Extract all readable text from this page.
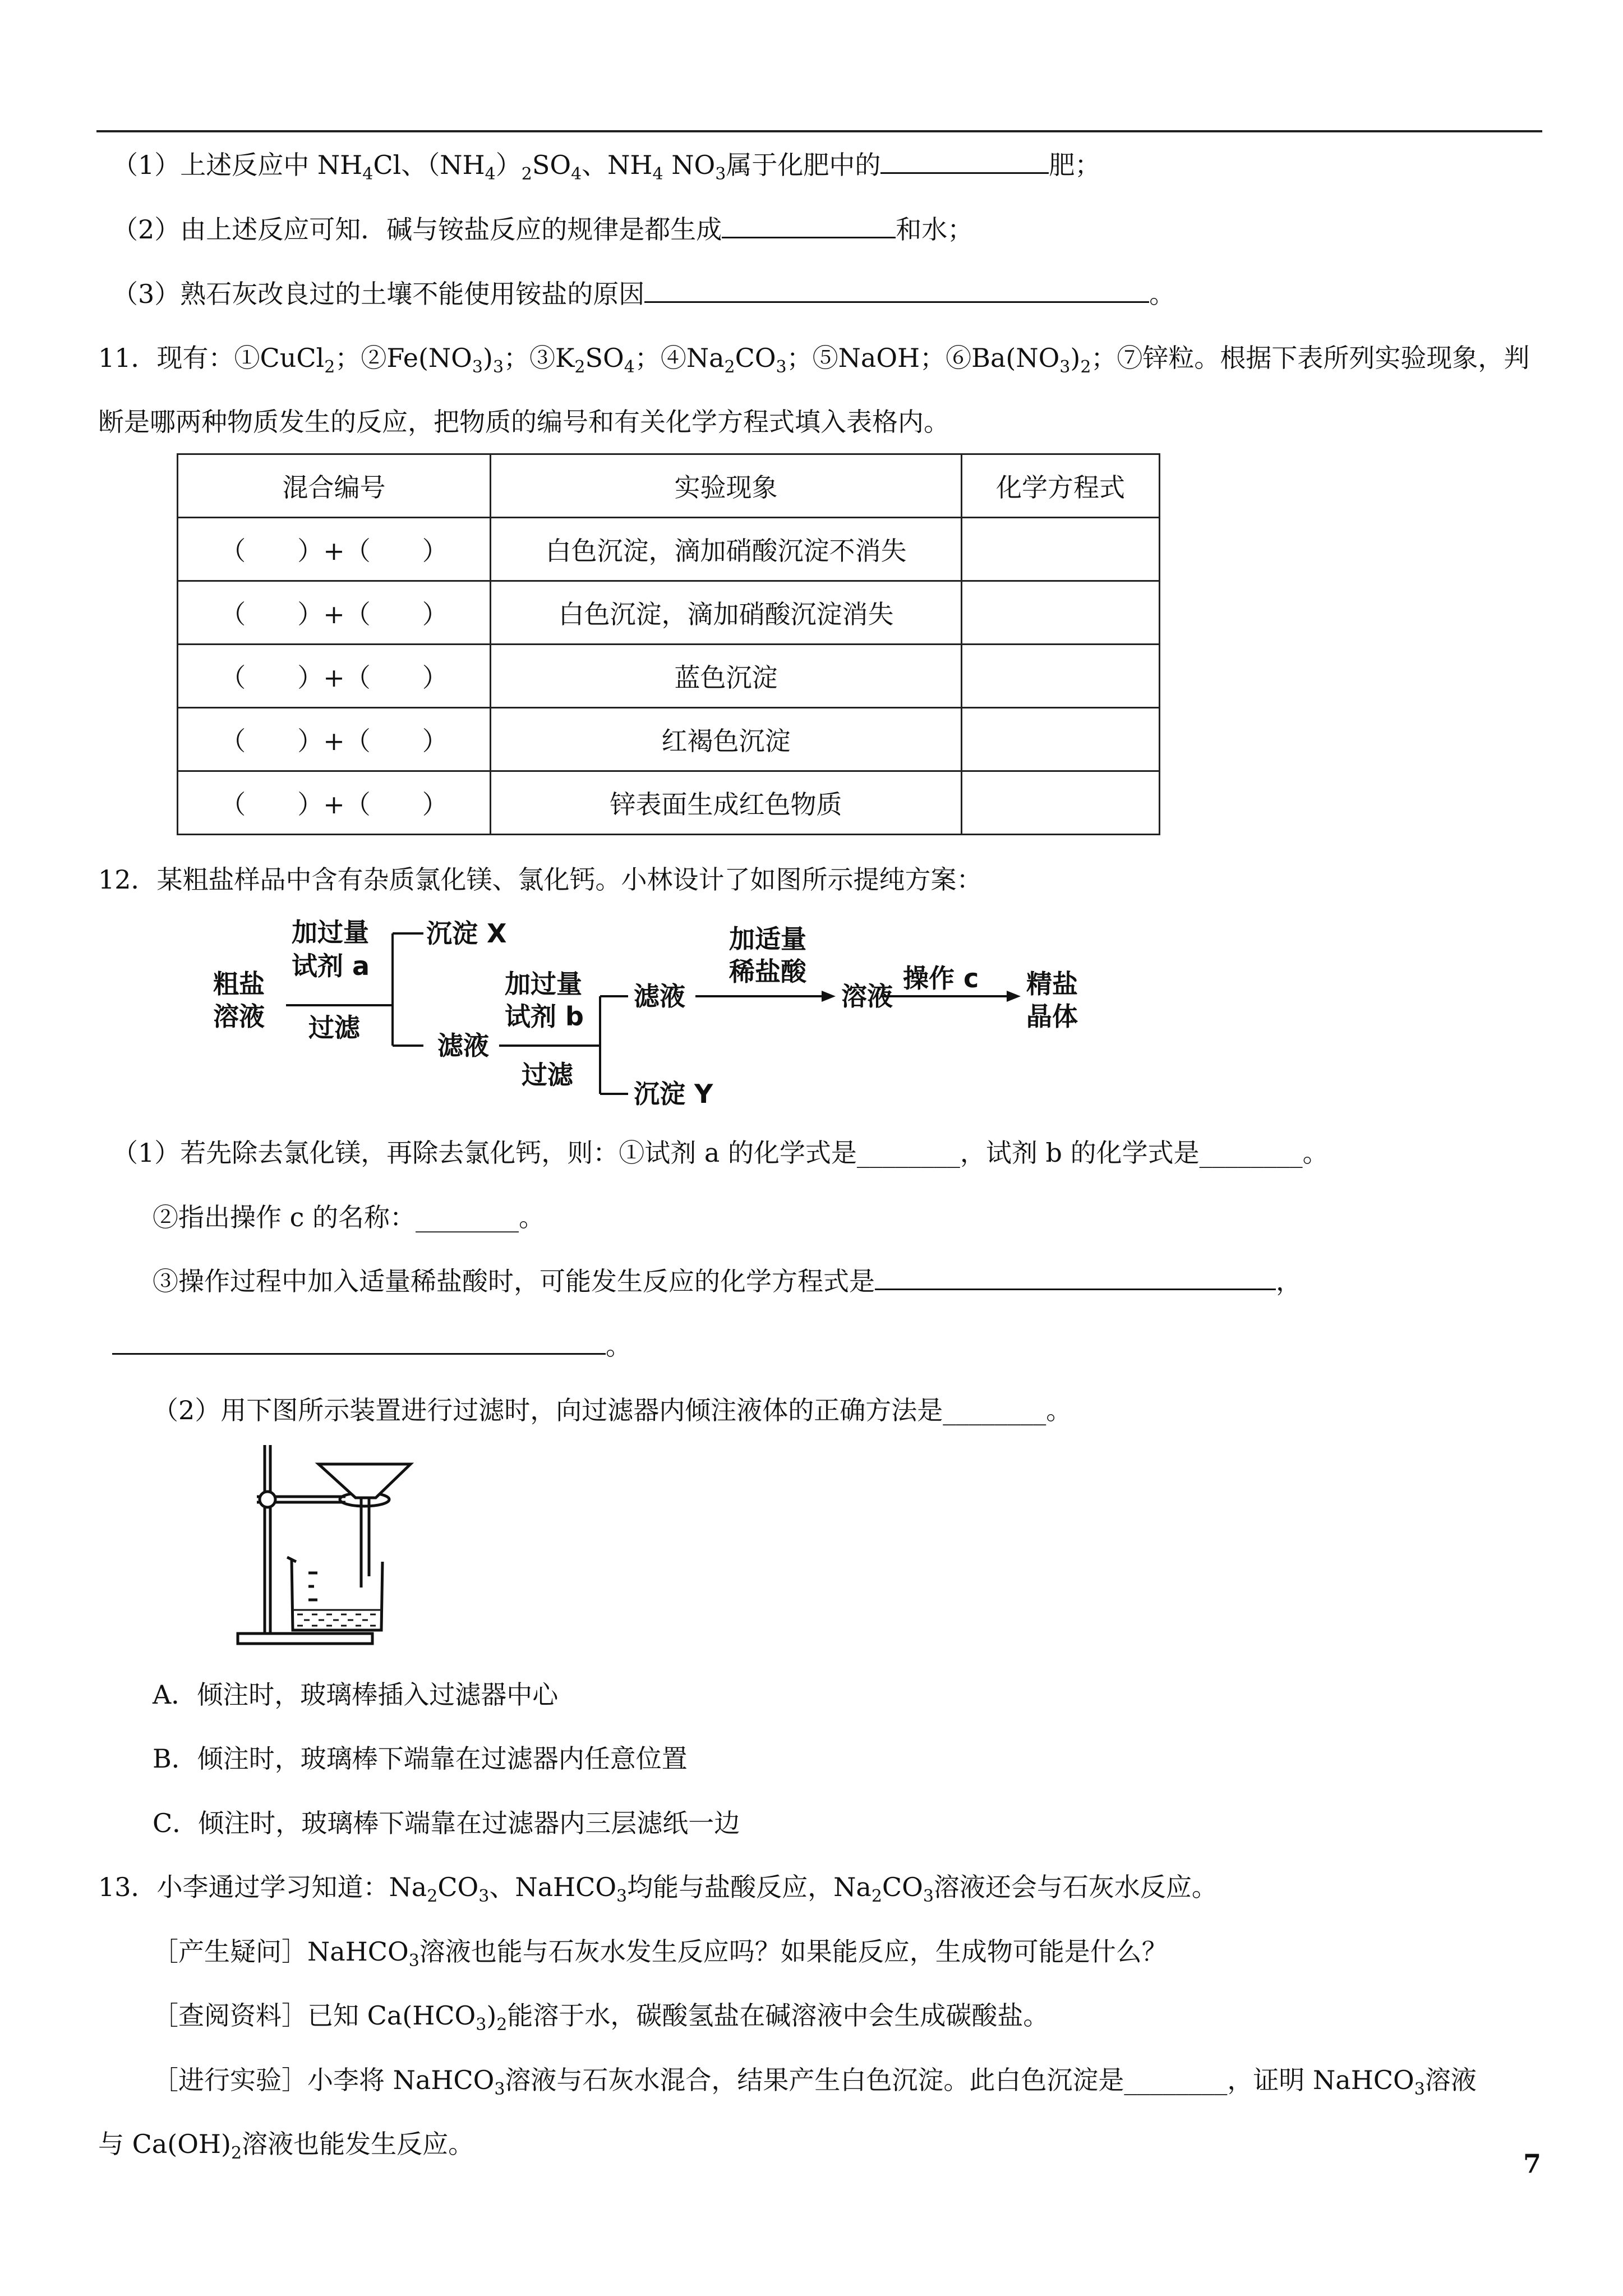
（1）上述反应中 $NH_4Cl$、$(NH_4)_2SO_4$、$NH_4$ $NO_3$属于化肥中的	肥；
（2）由上述反应可知．碱与铵盐反应的规律是都生成	和水；
（3）熟石灰改良过的土壤不能使用铵盐的原因	。
11．现有：①CuCl$_2$；$②Fe(NO_3)_3$；$③K_2SO_4$；$④Na_2CO_3$；⑤NaOH；$⑥Ba(NO_3)_2$；⑦锌粒。根据下表所列实验现象，判
断是哪两种物质发生的反应，把物质的编号和有关化学方程式填入表格内。
混合编号	实验现象	化学方程式
（　　）+（　　）	白色沉淀，滴加硝酸沉淀不消失	
（　　）+（　　）	白色沉淀，滴加硝酸沉淀消失	
（　　）+（　　）	蓝色沉淀	
（　　）+（　　）	红褐色沉淀	
（　　）+（　　）	锌表面生成红色物质	
12．某粗盐样品中含有杂质氯化镁、氯化钙。小林设计了如图所示提纯方案：
粗盐
溶液
加过量
试剂 a
过滤
沉淀 X
滤液
加过量
试剂 b
过滤
滤液
沉淀 Y
加适量
稀盐酸
溶液
操作 c 精盐
晶体
（1）若先除去氯化镁，再除去氯化钙，则：①试剂 a 的化学式是________，试剂 b 的化学式是________。
②指出操作 c 的名称：________。
③操作过程中加入适量稀盐酸时，可能发生反应的化学方程式是	，
。
（2）用下图所示装置进行过滤时，向过滤器内倾注液体的正确方法是________。
A．倾注时，玻璃棒插入过滤器中心
B．倾注时，玻璃棒下端靠在过滤器内任意位置
C．倾注时，玻璃棒下端靠在过滤器内三层滤纸一边
13．小李通过学习知道：$Na_2CO_3$、NaHCO$_3$均能与盐酸反应，$Na_2CO_3$溶液还会与石灰水反应。
［产生疑问］NaHCO$_3$溶液也能与石灰水发生反应吗？如果能反应，生成物可能是什么？
［查阅资料］已知 $Ca(HCO_3)_2$能溶于水，碳酸氢盐在碱溶液中会生成碳酸盐。
［进行实验］小李将 NaHCO$_3$溶液与石灰水混合，结果产生白色沉淀。此白色沉淀是________，证明 NaHCO$_3$溶液
与 $Ca(OH)_2$溶液也能发生反应。
7
